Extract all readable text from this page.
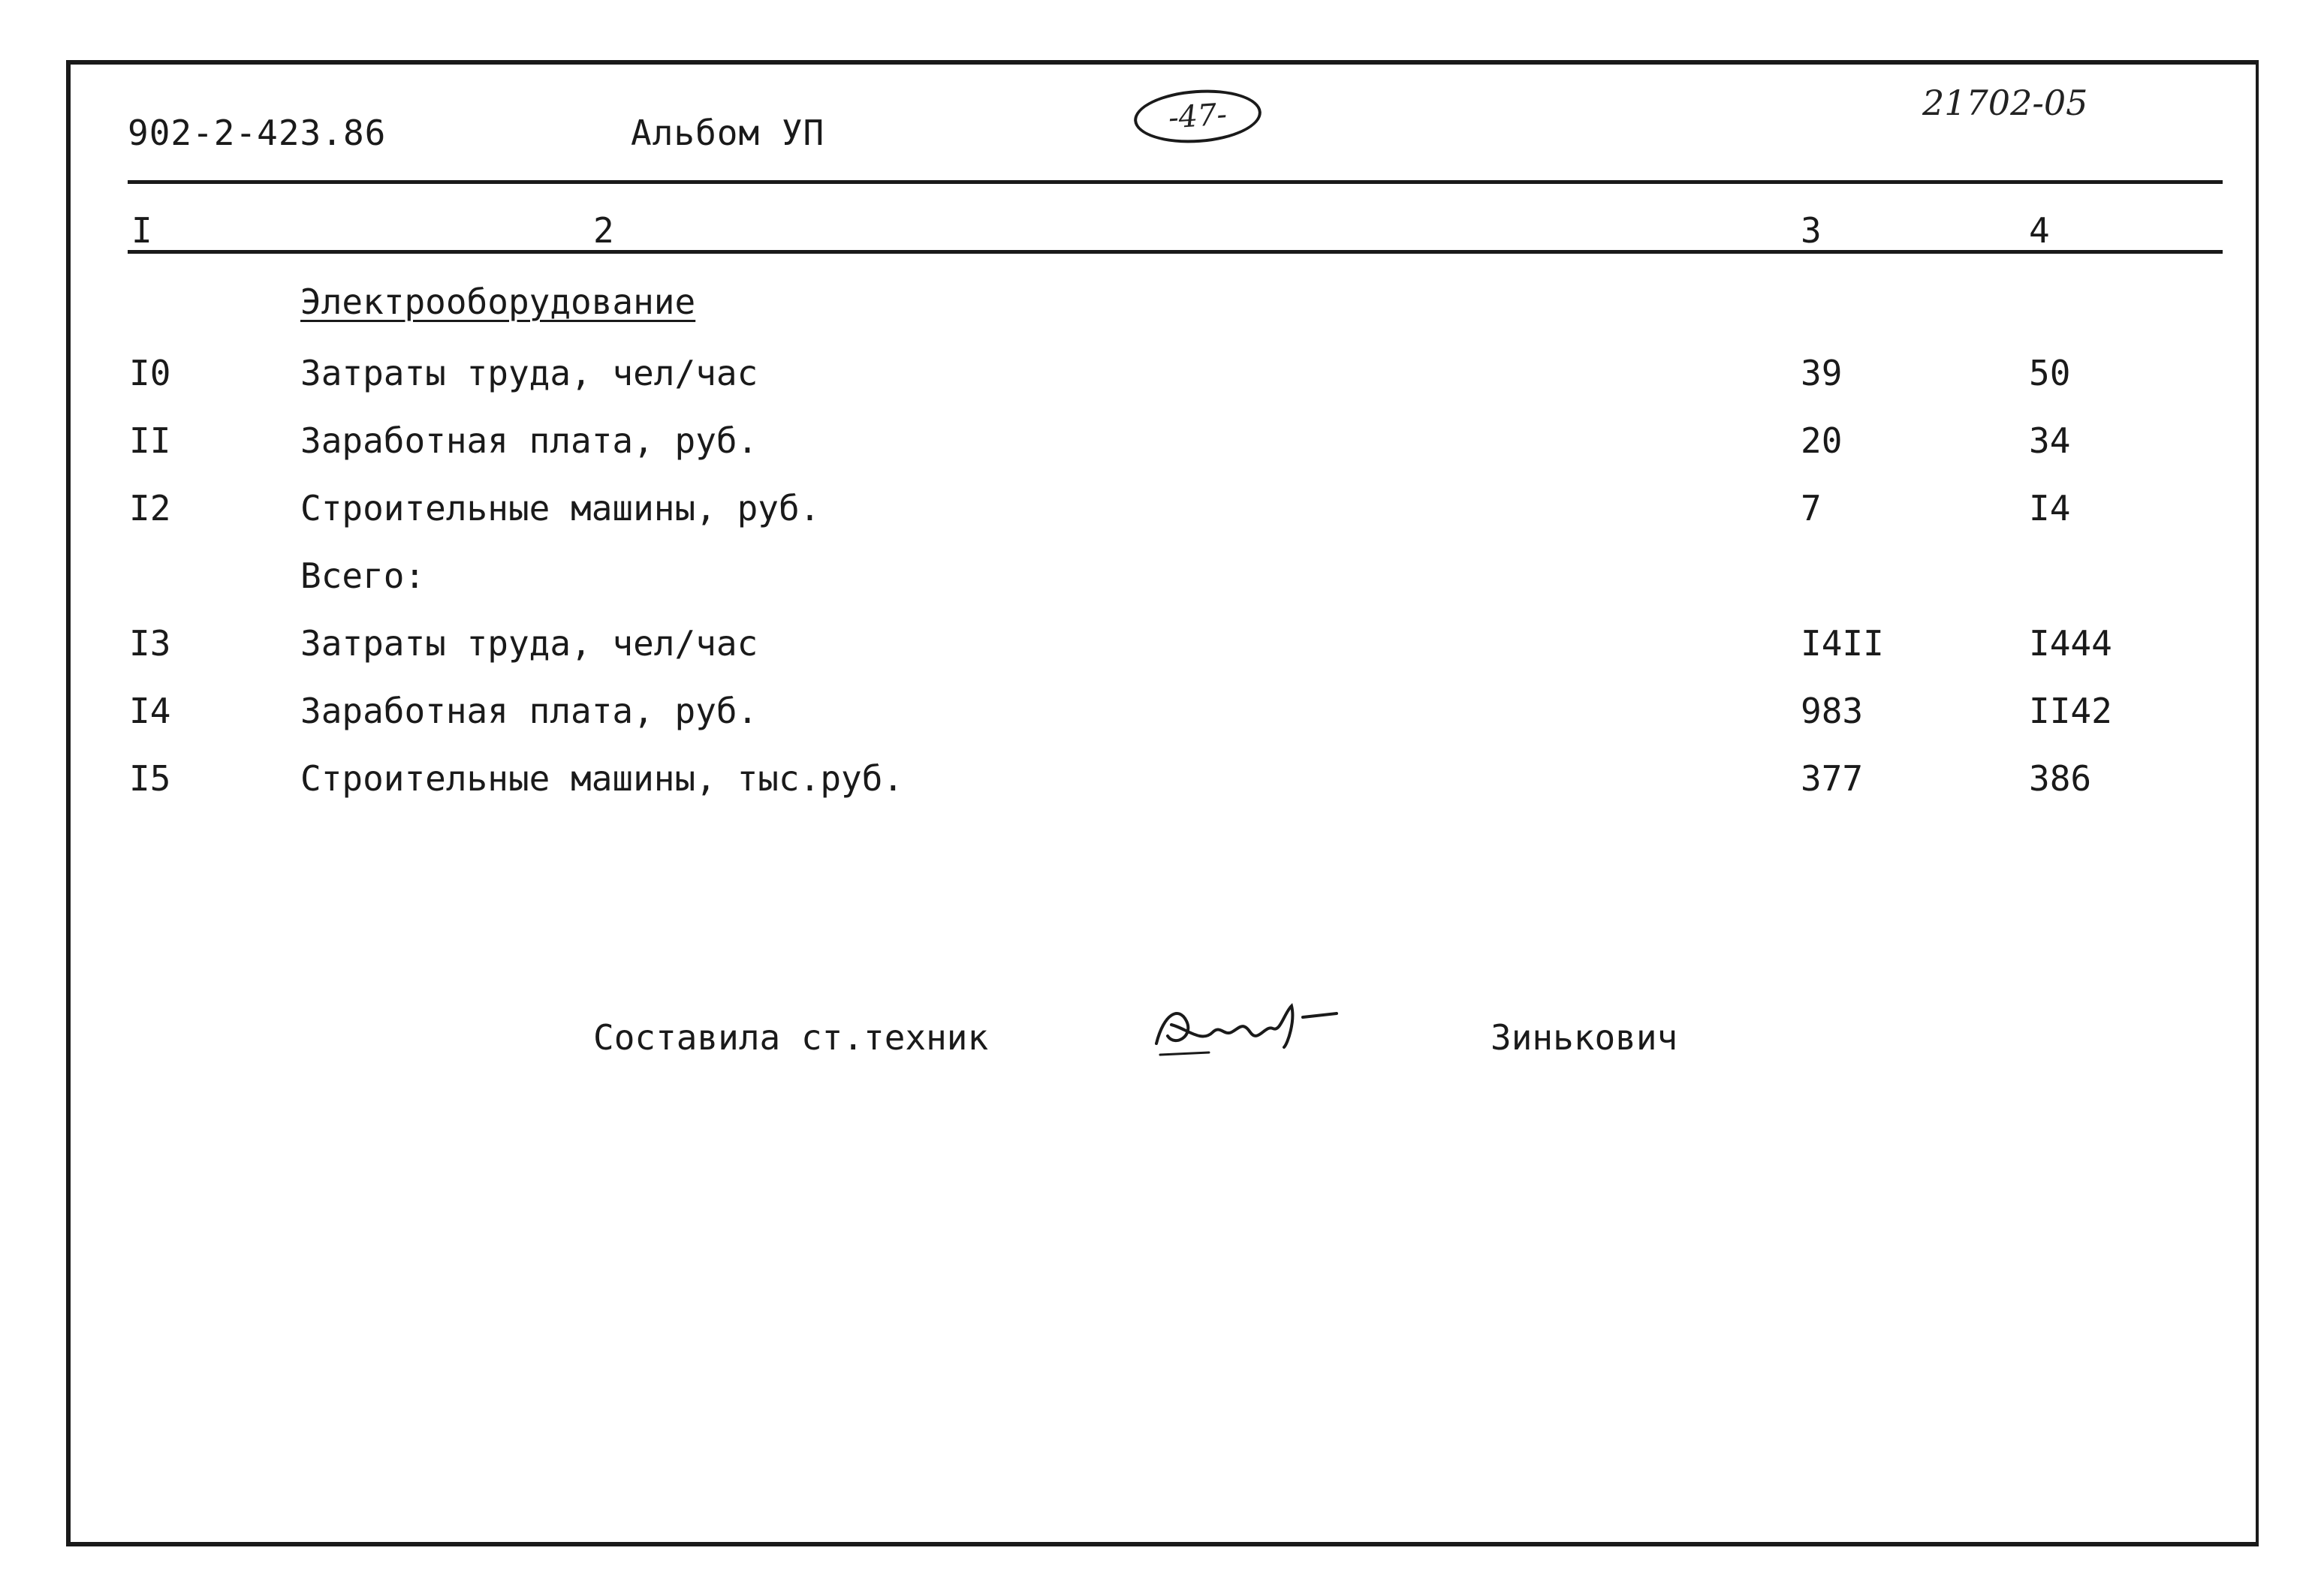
902-2-423.86	Альбом УП	-47-	21702-05
I	2	3	4
Электрооборудование
I0	Затраты труда, чел/час	39	50
II	Заработная плата, руб.	20	34
I2	Строительные машины, руб.	7	I4
Всего:
I3	Затраты труда, чел/час	I4II	I444
I4	Заработная плата, руб.	983	II42
I5	Строительные машины, тыс.руб.	377	386
Составила ст.техник	Зинькович
